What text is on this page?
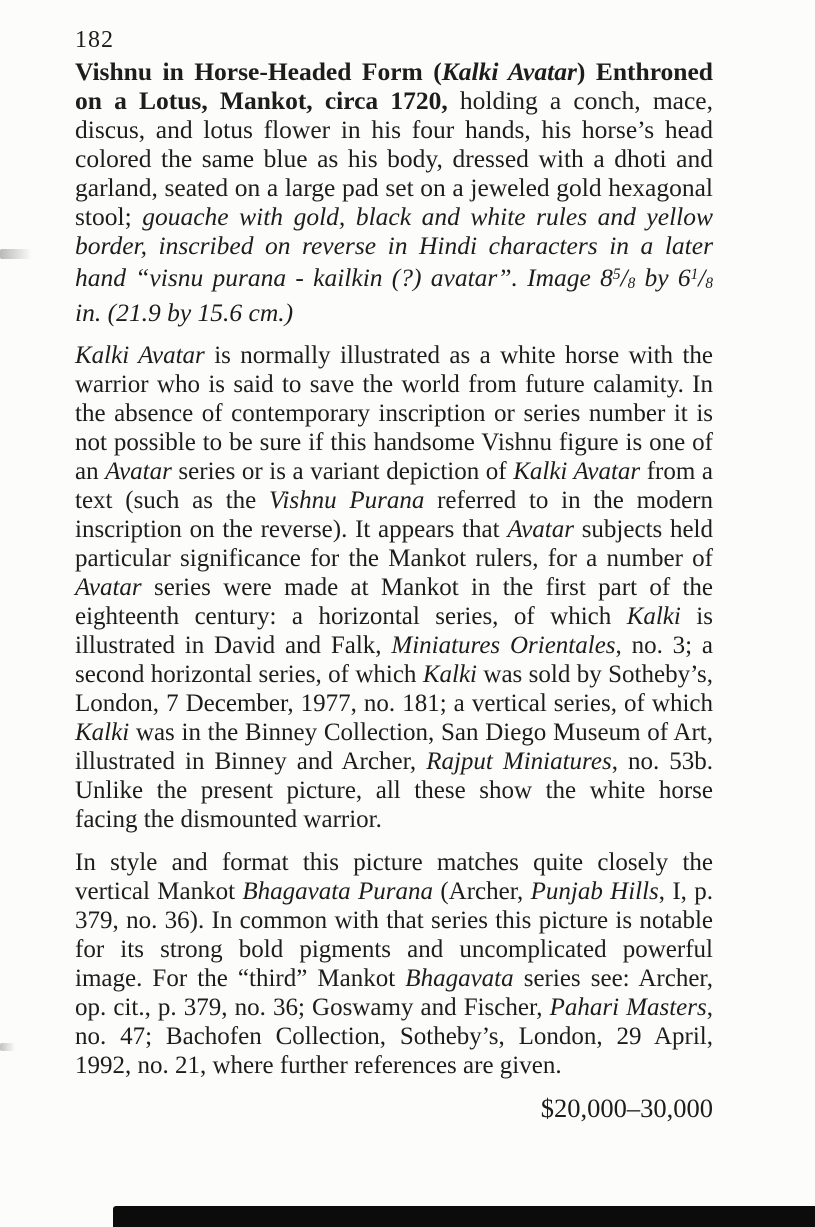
182

Vishnu in Horse-Headed Form (Kalki Avatar) Enthroned on a Lotus, Mankot, circa 1720, holding a conch, mace, discus, and lotus flower in his four hands, his horse’s head colored the same blue as his body, dressed with a dhoti and garland, seated on a large pad set on a jeweled gold hexagonal stool; gouache with gold, black and white rules and yellow border, inscribed on reverse in Hindi characters in a later hand “visnu purana - kailkin (?) avatar”. Image $8^5/8$ by $6^1/8$ in. (21.9 by 15.6 cm.)

Kalki Avatar is normally illustrated as a white horse with the warrior who is said to save the world from future calamity. In the absence of contemporary inscription or series number it is not possible to be sure if this handsome Vishnu figure is one of an Avatar series or is a variant depiction of Kalki Avatar from a text (such as the Vishnu Purana referred to in the modern inscription on the reverse). It appears that Avatar subjects held particular significance for the Mankot rulers, for a number of Avatar series were made at Mankot in the first part of the eighteenth century: a horizontal series, of which Kalki is illustrated in David and Falk, Miniatures Orientales, no. 3; a second horizontal series, of which Kalki was sold by Sotheby’s, London, 7 December, 1977, no. 181; a vertical series, of which Kalki was in the Binney Collection, San Diego Museum of Art, illustrated in Binney and Archer, Rajput Miniatures, no. 53b. Unlike the present picture, all these show the white horse facing the dismounted warrior.

In style and format this picture matches quite closely the vertical Mankot Bhagavata Purana (Archer, Punjab Hills, I, p. 379, no. 36). In common with that series this picture is notable for its strong bold pigments and uncomplicated powerful image. For the “third” Mankot Bhagavata series see: Archer, op. cit., p. 379, no. 36; Goswamy and Fischer, Pahari Masters, no. 47; Bachofen Collection, Sotheby’s, London, 29 April, 1992, no. 21, where further references are given.

$20,000–30,000
